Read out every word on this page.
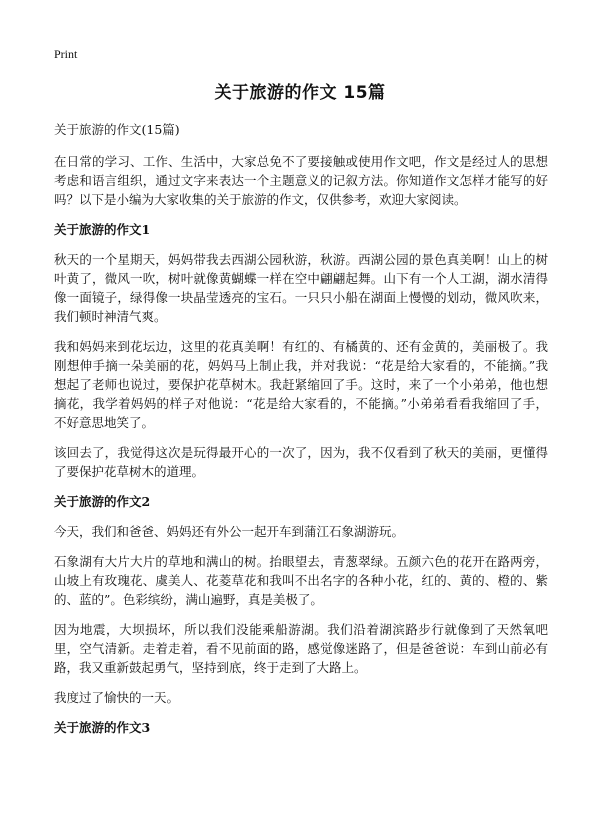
Print
关于旅游的作文 15篇

关于旅游的作文(15篇)

在日常的学习、工作、生活中，大家总免不了要接触或使用作文吧，作文是经过人的思想考虑和语言组织，通过文字来表达一个主题意义的记叙方法。你知道作文怎样才能写的好吗？以下是小编为大家收集的关于旅游的作文，仅供参考，欢迎大家阅读。

关于旅游的作文1

秋天的一个星期天，妈妈带我去西湖公园秋游，秋游。西湖公园的景色真美啊！山上的树叶黄了，微风一吹，树叶就像黄蝴蝶一样在空中翩翩起舞。山下有一个人工湖，湖水清得像一面镜子，绿得像一块晶莹透亮的宝石。一只只小船在湖面上慢慢的划动，微风吹来，我们顿时神清气爽。

我和妈妈来到花坛边，这里的花真美啊！有红的、有橘黄的、还有金黄的，美丽极了。我刚想伸手摘一朵美丽的花，妈妈马上制止我，并对我说：“花是给大家看的，不能摘。”我想起了老师也说过，要保护花草树木。我赶紧缩回了手。这时，来了一个小弟弟，他也想摘花，我学着妈妈的样子对他说：“花是给大家看的，不能摘。”小弟弟看看我缩回了手，不好意思地笑了。

该回去了，我觉得这次是玩得最开心的一次了，因为，我不仅看到了秋天的美丽，更懂得了要保护花草树木的道理。

关于旅游的作文2

今天，我们和爸爸、妈妈还有外公一起开车到蒲江石象湖游玩。

石象湖有大片大片的草地和满山的树。抬眼望去，青葱翠绿。五颜六色的花开在路两旁，山坡上有玫瑰花、虞美人、花菱草花和我叫不出名字的各种小花，红的、黄的、橙的、紫的、蓝的”。色彩缤纷，满山遍野，真是美极了。

因为地震，大坝损坏，所以我们没能乘船游湖。我们沿着湖滨路步行就像到了天然氧吧里，空气清新。走着走着，看不见前面的路，感觉像迷路了，但是爸爸说：车到山前必有路，我又重新鼓起勇气，坚持到底，终于走到了大路上。

我度过了愉快的一天。

关于旅游的作文3
